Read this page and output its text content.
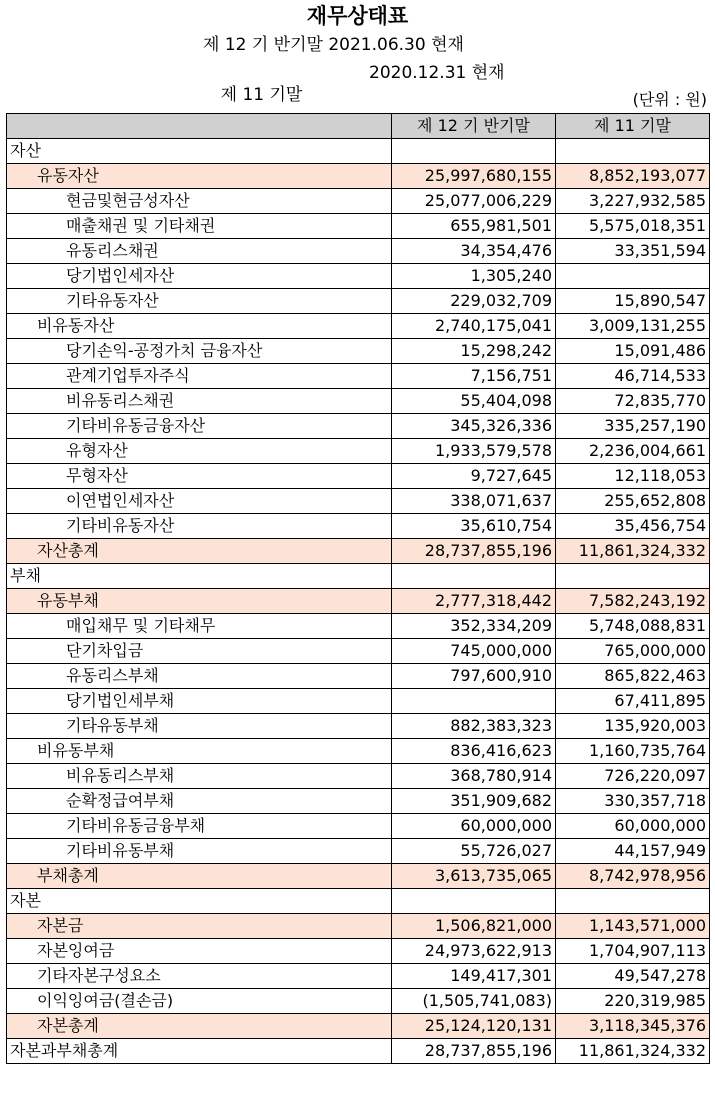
재무상태표
제 12 기 반기말 2021.06.30 현재

제 11 기말

2020.12.31 현재

(단위 : 원)
	제 12 기 반기말	제 11 기말
자산		
유동자산	25,997,680,155	8,852,193,077
현금및현금성자산	25,077,006,229	3,227,932,585
매출채권 및 기타채권	655,981,501	5,575,018,351
유동리스채권	34,354,476	33,351,594
당기법인세자산	1,305,240	
기타유동자산	229,032,709	15,890,547
비유동자산	2,740,175,041	3,009,131,255
당기손익-공정가치 금융자산	15,298,242	15,091,486
관계기업투자주식	7,156,751	46,714,533
비유동리스채권	55,404,098	72,835,770
기타비유동금융자산	345,326,336	335,257,190
유형자산	1,933,579,578	2,236,004,661
무형자산	9,727,645	12,118,053
이연법인세자산	338,071,637	255,652,808
기타비유동자산	35,610,754	35,456,754
자산총계	28,737,855,196	11,861,324,332
부채		
유동부채	2,777,318,442	7,582,243,192
매입채무 및 기타채무	352,334,209	5,748,088,831
단기차입금	745,000,000	765,000,000
유동리스부채	797,600,910	865,822,463
당기법인세부채		67,411,895
기타유동부채	882,383,323	135,920,003
비유동부채	836,416,623	1,160,735,764
비유동리스부채	368,780,914	726,220,097
순확정급여부채	351,909,682	330,357,718
기타비유동금융부채	60,000,000	60,000,000
기타비유동부채	55,726,027	44,157,949
부채총계	3,613,735,065	8,742,978,956
자본		
자본금	1,506,821,000	1,143,571,000
자본잉여금	24,973,622,913	1,704,907,113
기타자본구성요소	149,417,301	49,547,278
이익잉여금(결손금)	(1,505,741,083)	220,319,985
자본총계	25,124,120,131	3,118,345,376
자본과부채총계	28,737,855,196	11,861,324,332
